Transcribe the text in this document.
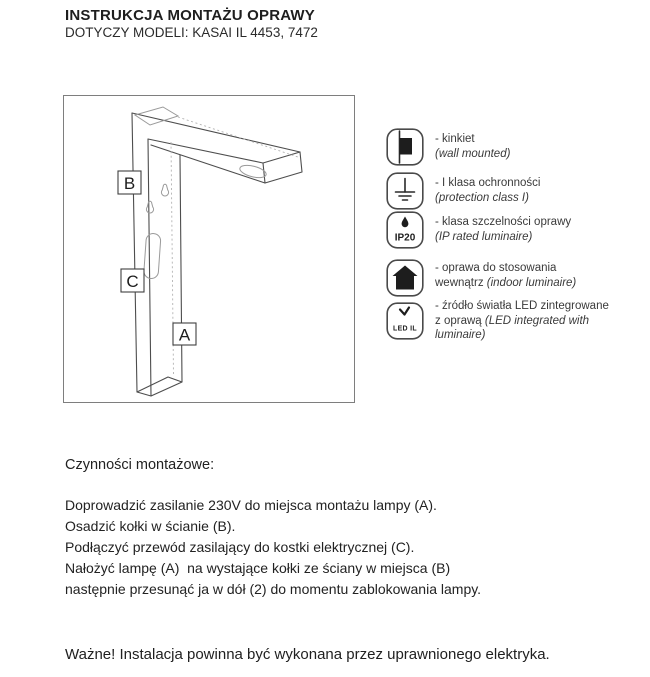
INSTRUKCJA MONTAŻU OPRAWY
DOTYCZY MODELI: KASAI IL 4453, 7472
B
C
A
IP20
LED IL
- kinkiet
(wall mounted)
- I klasa ochronności
(protection class I)
- klasa szczelności oprawy
(IP rated luminaire)
- oprawa do stosowania
wewnątrz (indoor luminaire)
- źródło światła LED zintegrowane
z oprawą (LED integrated with
luminaire)
Czynności montażowe:
Doprowadzić zasilanie 230V do miejsca montażu lampy (A).
Osadzić kołki w ścianie (B).
Podłączyć przewód zasilający do kostki elektrycznej (C).
Nałożyć lampę (A)  na wystające kołki ze ściany w miejsca (B)
następnie przesunąć ja w dół (2) do momentu zablokowania lampy.
Ważne! Instalacja powinna być wykonana przez uprawnionego elektryka.
